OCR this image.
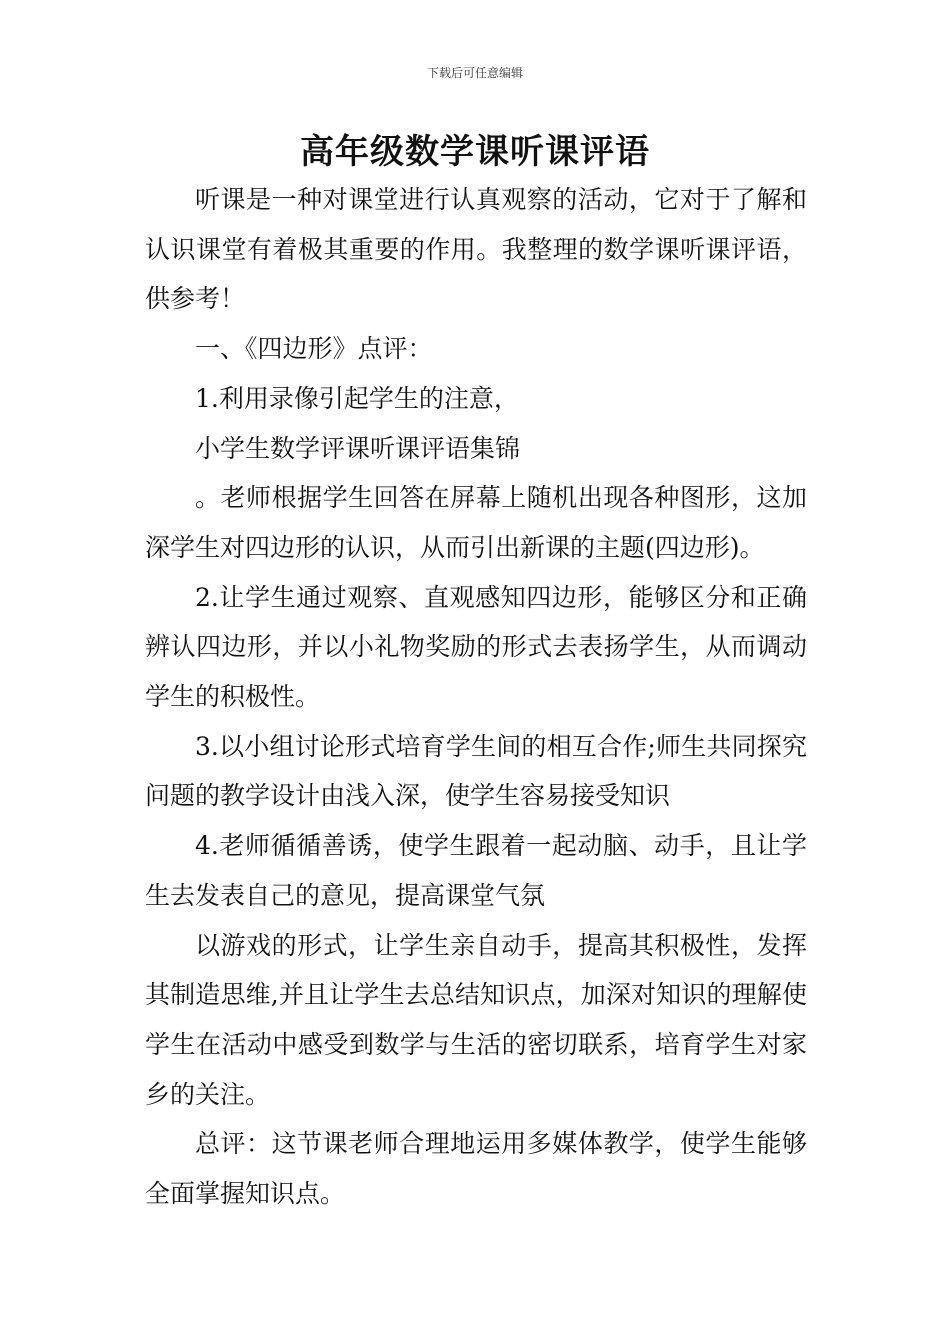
下载后可任意编辑
高年级数学课听课评语

听课是一种对课堂进行认真观察的活动，它对于了解和认识课堂有着极其重要的作用。我整理的数学课听课评语，供参考！

一、《四边形》点评：

1.利用录像引起学生的注意，

小学生数学评课听课评语集锦

。老师根据学生回答在屏幕上随机出现各种图形，这加深学生对四边形的认识，从而引出新课的主题(四边形)。

2.让学生通过观察、直观感知四边形，能够区分和正确辨认四边形，并以小礼物奖励的形式去表扬学生，从而调动学生的积极性。

3.以小组讨论形式培育学生间的相互合作;师生共同探究问题的教学设计由浅入深，使学生容易接受知识

4.老师循循善诱，使学生跟着一起动脑、动手，且让学生去发表自己的意见，提高课堂气氛

以游戏的形式，让学生亲自动手，提高其积极性，发挥其制造思维,并且让学生去总结知识点，加深对知识的理解使学生在活动中感受到数学与生活的密切联系，培育学生对家乡的关注。

总评：这节课老师合理地运用多媒体教学，使学生能够全面掌握知识点。
